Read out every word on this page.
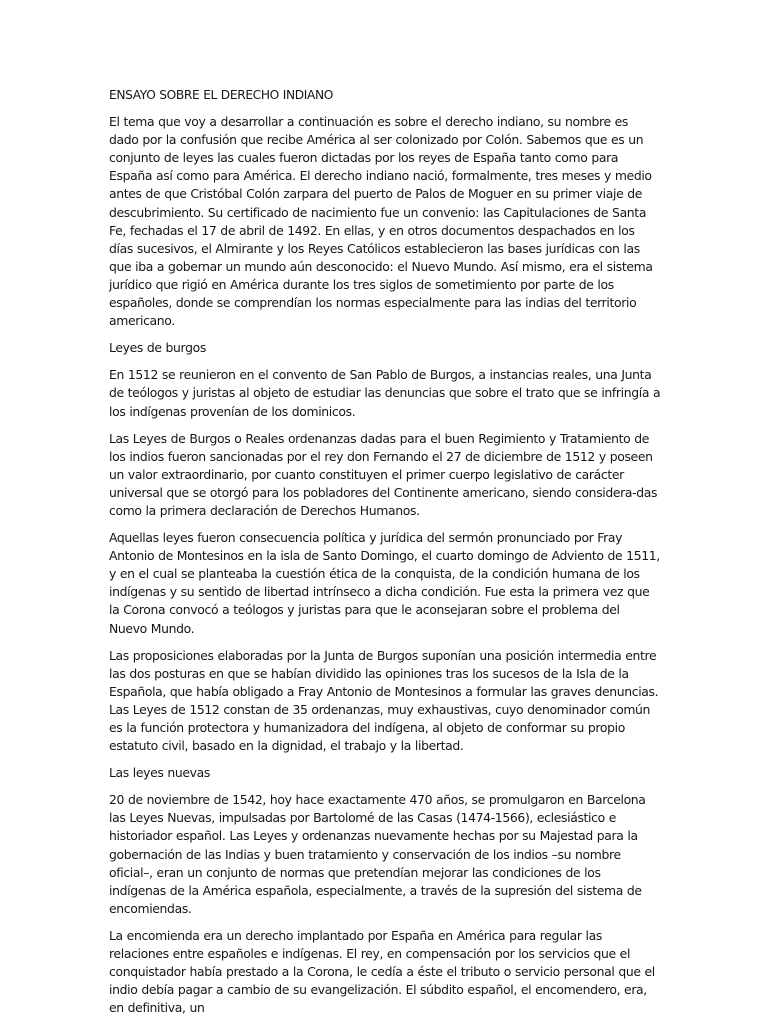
ENSAYO SOBRE EL DERECHO INDIANO

El tema que voy a desarrollar a continuación es sobre el derecho indiano, su nombre es dado por la confusión que recibe América al ser colonizado por Colón. Sabemos que es un conjunto de leyes las cuales fueron dictadas por los reyes de España tanto como para España así como para América. El derecho indiano nació, formalmente, tres meses y medio antes de que Cristóbal Colón zarpara del puerto de Palos de Moguer en su primer viaje de descubrimiento. Su certificado de nacimiento fue un convenio: las Capitulaciones de Santa Fe, fechadas el 17 de abril de 1492. En ellas, y en otros documentos despachados en los días sucesivos, el Almirante y los Reyes Católicos establecieron las bases jurídicas con las que iba a gobernar un mundo aún desconocido: el Nuevo Mundo. Así mismo, era el sistema jurídico que rigió en América durante los tres siglos de sometimiento por parte de los españoles, donde se comprendían los normas especialmente para las indias del territorio americano.

Leyes de burgos

En 1512 se reunieron en el convento de San Pablo de Burgos, a instancias reales, una Junta de teólogos y juristas al objeto de estudiar las denuncias que sobre el trato que se infringía a los indígenas provenían de los dominicos.

Las Leyes de Burgos o Reales ordenanzas dadas para el buen Regimiento y Tratamiento de los indios fueron sancionadas por el rey don Fernando el 27 de diciembre de 1512 y poseen un valor extraordinario, por cuanto constituyen el primer cuerpo legislativo de carácter universal que se otorgó para los pobladores del Continente americano, siendo considera-das como la primera declaración de Derechos Humanos.

Aquellas leyes fueron consecuencia política y jurídica del sermón pronunciado por Fray Antonio de Montesinos en la isla de Santo Domingo, el cuarto domingo de Adviento de 1511, y en el cual se planteaba la cuestión ética de la conquista, de la condición humana de los indígenas y su sentido de libertad intrínseco a dicha condición. Fue esta la primera vez que la Corona convocó a teólogos y juristas para que le aconsejaran sobre el problema del Nuevo Mundo.

Las proposiciones elaboradas por la Junta de Burgos suponían una posición intermedia entre las dos posturas en que se habían dividido las opiniones tras los sucesos de la Isla de la Española, que había obligado a Fray Antonio de Montesinos a formular las graves denuncias. Las Leyes de 1512 constan de 35 ordenanzas, muy exhaustivas, cuyo denominador común es la función protectora y humanizadora del indígena, al objeto de conformar su propio estatuto civil, basado en la dignidad, el trabajo y la libertad.

Las leyes nuevas

20 de noviembre de 1542, hoy hace exactamente 470 años, se promulgaron en Barcelona las Leyes Nuevas, impulsadas por Bartolomé de las Casas (1474-1566), eclesiástico e historiador español. Las Leyes y ordenanzas nuevamente hechas por su Majestad para la gobernación de las Indias y buen tratamiento y conservación de los indios –su nombre oficial–, eran un conjunto de normas que pretendían mejorar las condiciones de los indígenas de la América española, especialmente, a través de la supresión del sistema de encomiendas.

La encomienda era un derecho implantado por España en América para regular las relaciones entre españoles e indígenas. El rey, en compensación por los servicios que el conquistador había prestado a la Corona, le cedía a éste el tributo o servicio personal que el indio debía pagar a cambio de su evangelización. El súbdito español, el encomendero, era, en definitiva, un
